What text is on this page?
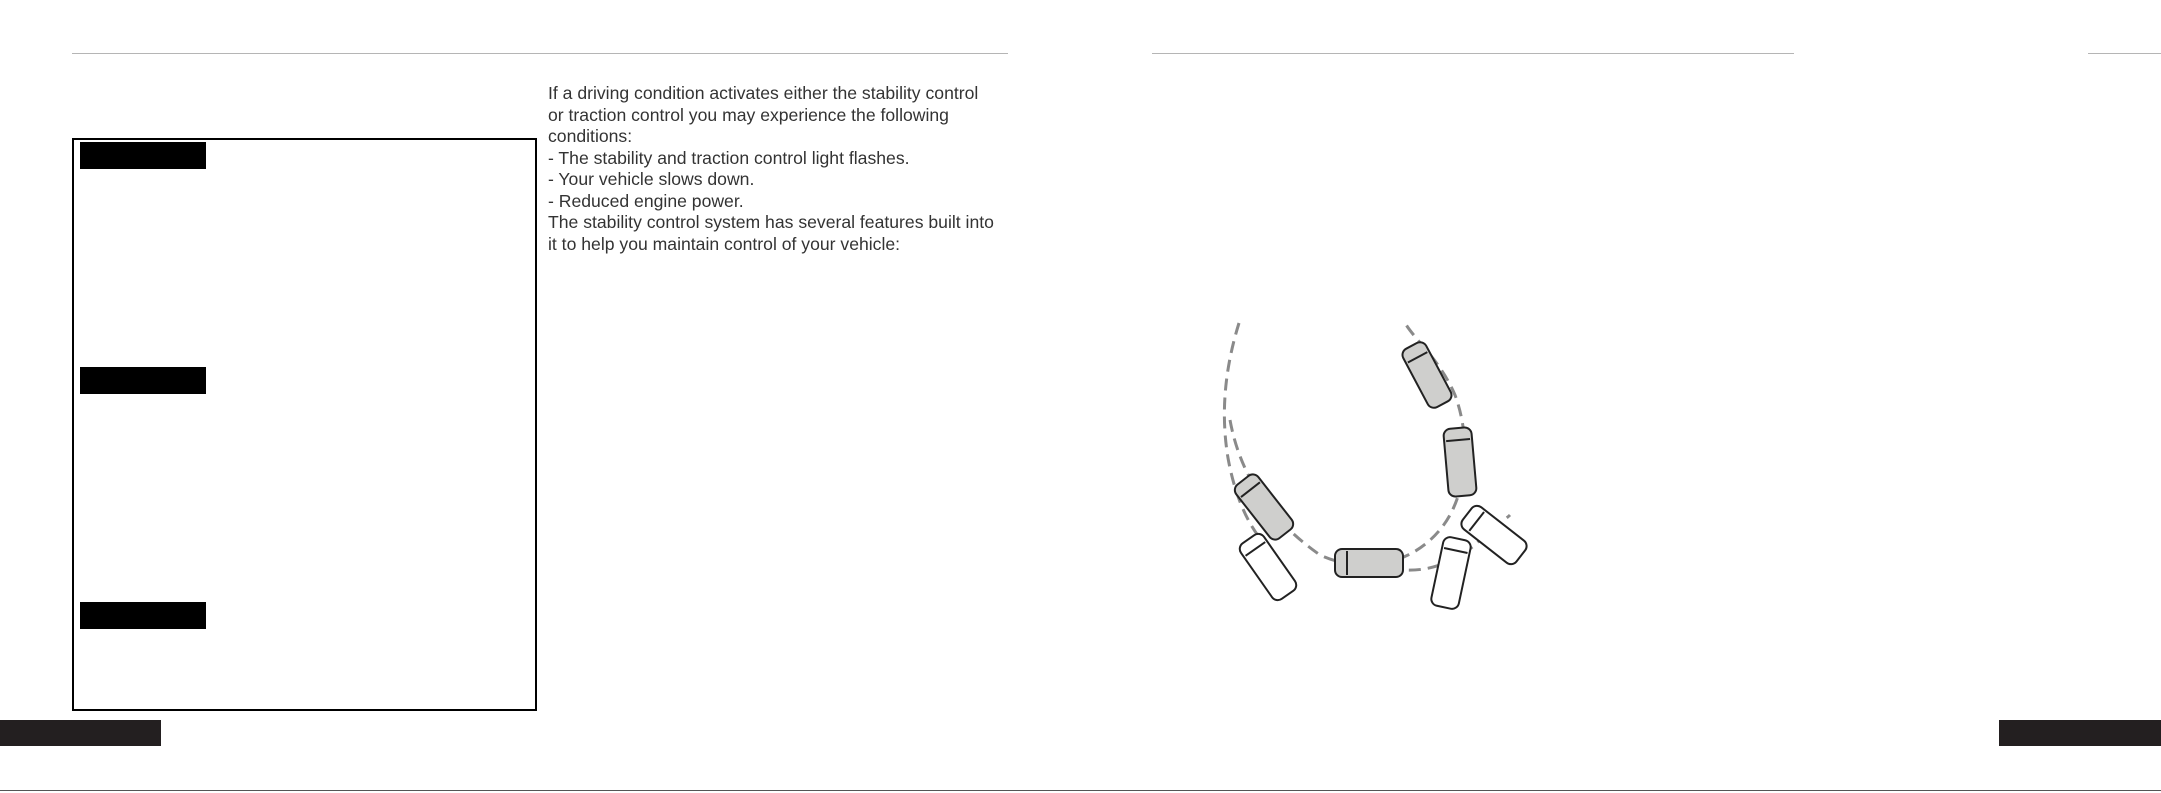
If a driving condition activates either the stability control

or traction control you may experience the following

conditions:

- The stability and traction control light flashes.

- Your vehicle slows down.

- Reduced engine power.

The stability control system has several features built into

it to help you maintain control of your vehicle:
